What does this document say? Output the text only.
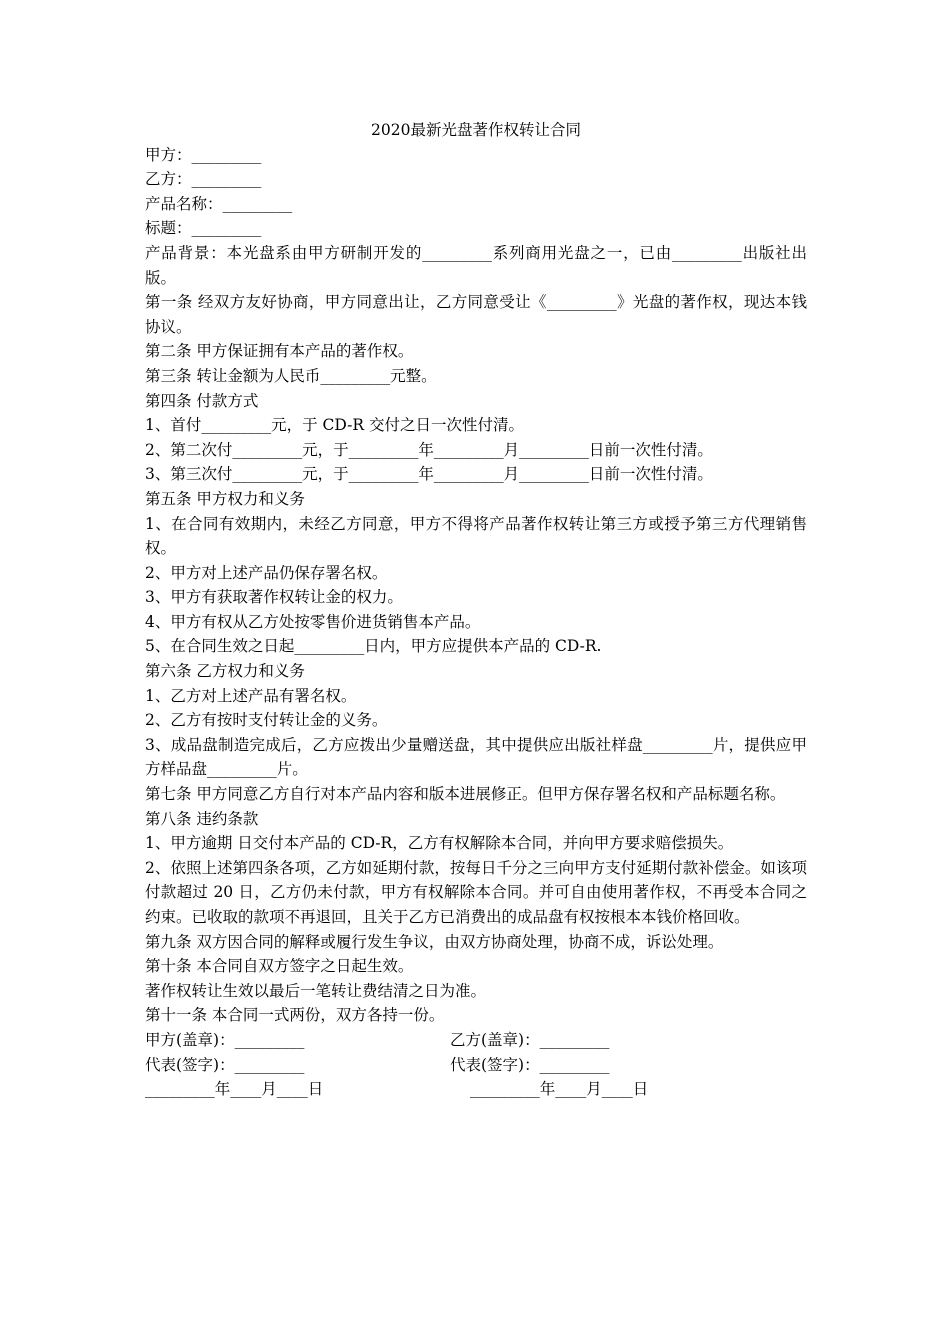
2020最新光盘著作权转让合同

甲方：_________

乙方：_________

产品名称：_________

标题：_________

产品背景：本光盘系由甲方研制开发的_________系列商用光盘之一，已由_________出版社出版。

第一条 经双方友好协商，甲方同意出让，乙方同意受让《_________》光盘的著作权，现达本钱协议。

第二条 甲方保证拥有本产品的著作权。

第三条 转让金额为人民币_________元整。

第四条 付款方式

1、首付_________元，于 CD-R 交付之日一次性付清。

2、第二次付_________元，于_________年_________月_________日前一次性付清。

3、第三次付_________元，于_________年_________月_________日前一次性付清。

第五条 甲方权力和义务

1、在合同有效期内，未经乙方同意，甲方不得将产品著作权转让第三方或授予第三方代理销售权。

2、甲方对上述产品仍保存署名权。

3、甲方有获取著作权转让金的权力。

4、甲方有权从乙方处按零售价进货销售本产品。

5、在合同生效之日起_________日内，甲方应提供本产品的 CD-R.

第六条 乙方权力和义务

1、乙方对上述产品有署名权。

2、乙方有按时支付转让金的义务。

3、成品盘制造完成后，乙方应拨出少量赠送盘，其中提供应出版社样盘_________片，提供应甲方样品盘_________片。

第七条 甲方同意乙方自行对本产品内容和版本进展修正。但甲方保存署名权和产品标题名称。

第八条 违约条款

1、甲方逾期 日交付本产品的 CD-R，乙方有权解除本合同，并向甲方要求赔偿损失。

2、依照上述第四条各项，乙方如延期付款，按每日千分之三向甲方支付延期付款补偿金。如该项付款超过 20 日，乙方仍未付款，甲方有权解除本合同。并可自由使用著作权，不再受本合同之约束。已收取的款项不再退回，且关于乙方已消费出的成品盘有权按根本本钱价格回收。

第九条 双方因合同的解释或履行发生争议，由双方协商处理，协商不成，诉讼处理。

第十条 本合同自双方签字之日起生效。

著作权转让生效以最后一笔转让费结清之日为准。

第十一条 本合同一式两份，双方各持一份。

甲方(盖章)：_________	乙方(盖章)：_________
代表(签字)：_________	代表(签字)：_________
_________年____月____日	_________年____月____日
